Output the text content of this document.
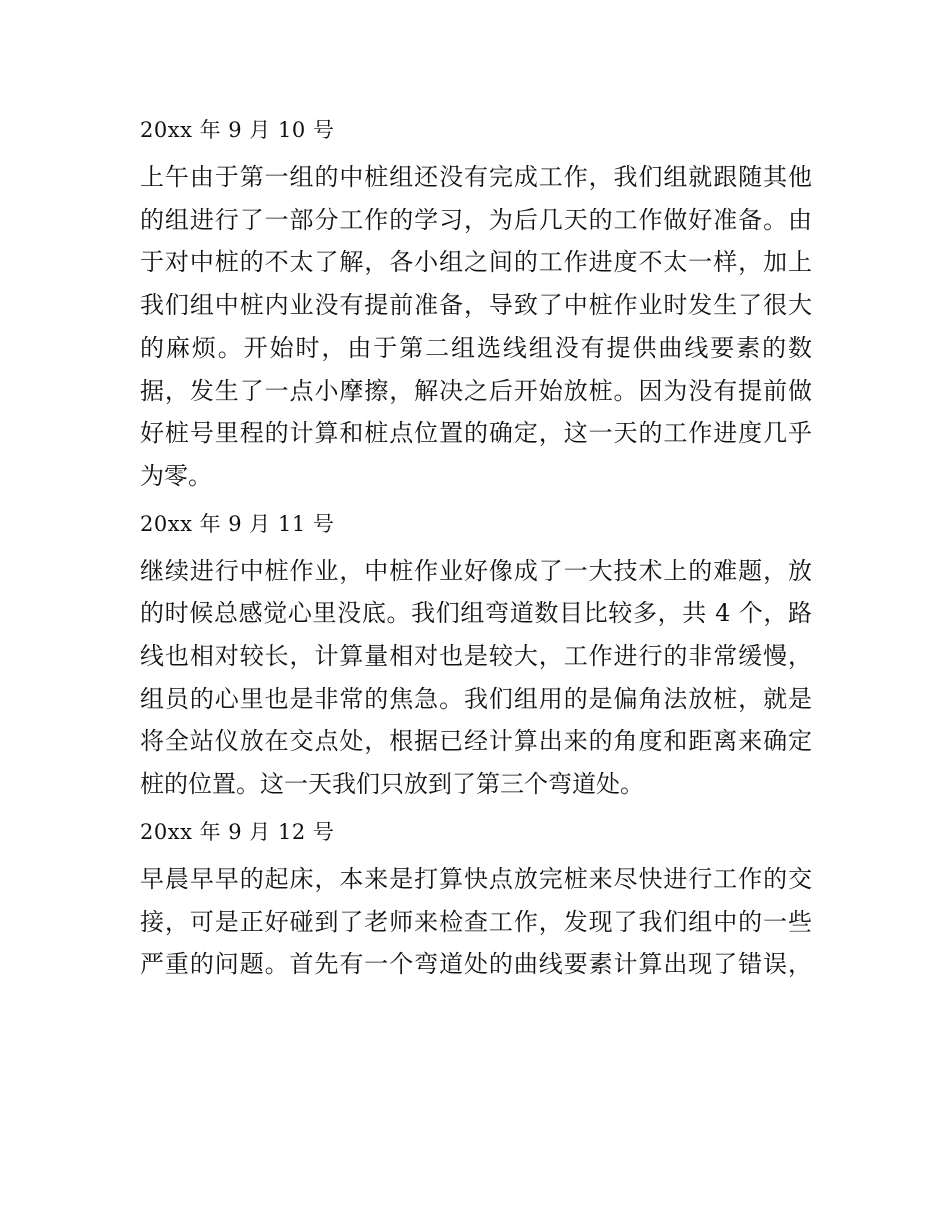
20xx 年 9 月 10 号
上午由于第一组的中桩组还没有完成工作，我们组就跟随其他
的组进行了一部分工作的学习，为后几天的工作做好准备。由
于对中桩的不太了解，各小组之间的工作进度不太一样，加上
我们组中桩内业没有提前准备，导致了中桩作业时发生了很大
的麻烦。开始时，由于第二组选线组没有提供曲线要素的数
据，发生了一点小摩擦，解决之后开始放桩。因为没有提前做
好桩号里程的计算和桩点位置的确定，这一天的工作进度几乎
为零。
20xx 年 9 月 11 号
继续进行中桩作业，中桩作业好像成了一大技术上的难题，放
的时候总感觉心里没底。我们组弯道数目比较多，共 4 个，路
线也相对较长，计算量相对也是较大，工作进行的非常缓慢，
组员的心里也是非常的焦急。我们组用的是偏角法放桩，就是
将全站仪放在交点处，根据已经计算出来的角度和距离来确定
桩的位置。这一天我们只放到了第三个弯道处。
20xx 年 9 月 12 号
早晨早早的起床，本来是打算快点放完桩来尽快进行工作的交
接，可是正好碰到了老师来检查工作，发现了我们组中的一些
严重的问题。首先有一个弯道处的曲线要素计算出现了错误，
